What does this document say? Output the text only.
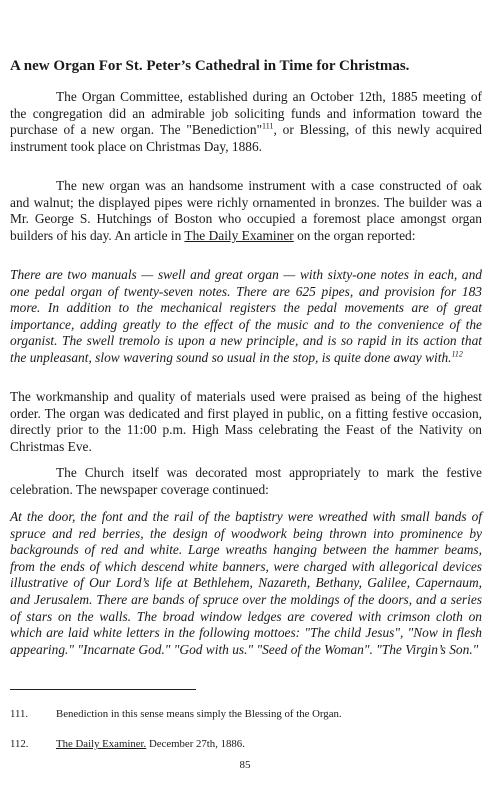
A new Organ For St. Peter’s Cathedral in Time for Christmas.

The Organ Committee, established during an October 12th, 1885 meeting of the congregation did an admirable job soliciting funds and information toward the purchase of a new organ. The "Benediction"$^{111}$, or Blessing, of this newly acquired instrument took place on Christmas Day, 1886.

The new organ was an handsome instrument with a case constructed of oak and walnut; the displayed pipes were richly ornamented in bronzes. The builder was a Mr. George S. Hutchings of Boston who occupied a foremost place amongst organ builders of his day. An article in The Daily Examiner on the organ reported:

There are two manuals — swell and great organ — with sixty-one notes in each, and one pedal organ of twenty-seven notes. There are 625 pipes, and provision for 183 more. In addition to the mechanical registers the pedal movements are of great importance, adding greatly to the effect of the music and to the convenience of the organist. The swell tremolo is upon a new principle, and is so rapid in its action that the unpleasant, slow wavering sound so usual in the stop, is quite done away with.$^{112}$

The workmanship and quality of materials used were praised as being of the highest order. The organ was dedicated and first played in public, on a fitting festive occasion, directly prior to the 11:00 p.m. High Mass celebrating the Feast of the Nativity on Christmas Eve.

The Church itself was decorated most appropriately to mark the festive celebration. The newspaper coverage continued:

At the door, the font and the rail of the baptistry were wreathed with small bands of spruce and red berries, the design of woodwork being thrown into prominence by backgrounds of red and white. Large wreaths hanging between the hammer beams, from the ends of which descend white banners, were charged with allegorical devices illustrative of Our Lord’s life at Bethlehem, Nazareth, Bethany, Galilee, Capernaum, and Jerusalem. There are bands of spruce over the moldings of the doors, and a series of stars on the walls. The broad window ledges are covered with crimson cloth on which are laid white letters in the following mottoes: "The child Jesus", "Now in flesh appearing." "Incarnate God." "God with us." "Seed of the Woman". "The Virgin’s Son."

111.	Benediction in this sense means simply the Blessing of the Organ.
112.	The Daily Examiner. December 27th, 1886.
85
